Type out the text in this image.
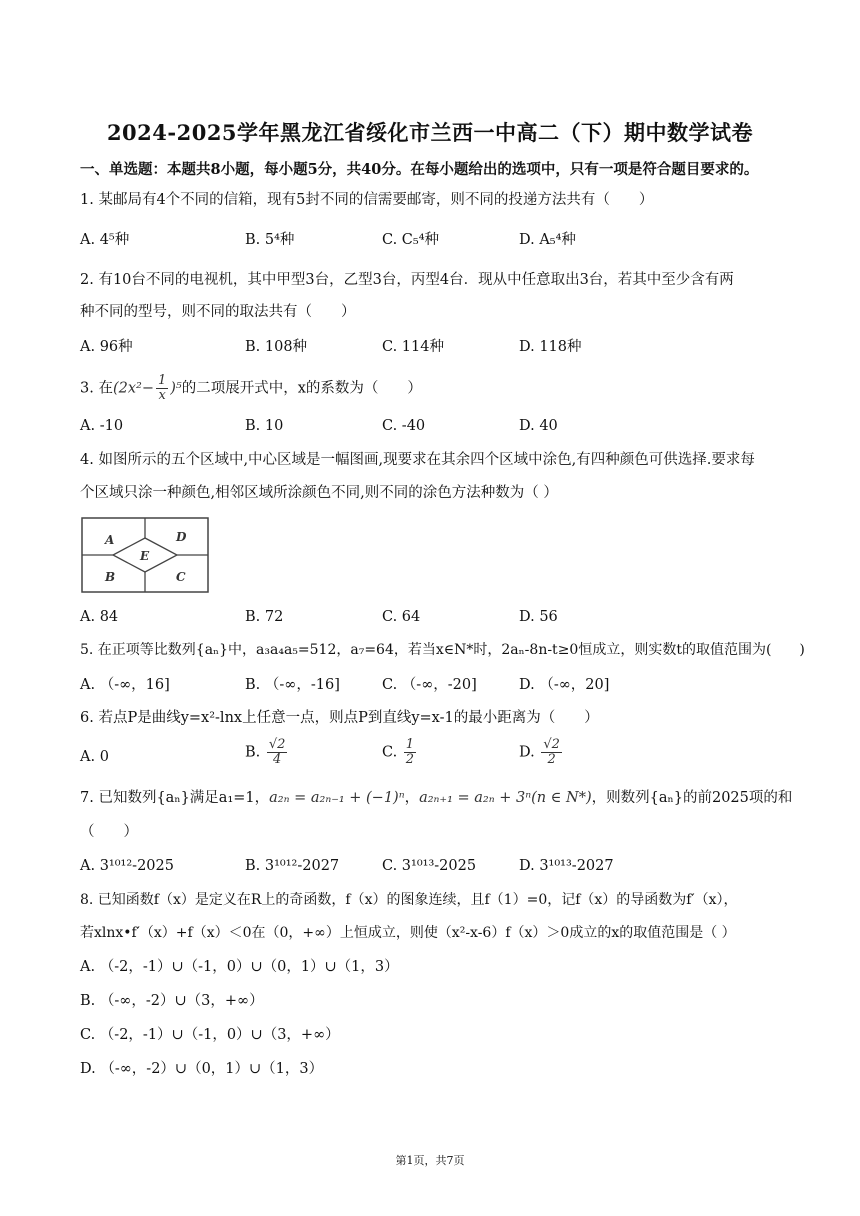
2024-2025学年黑龙江省绥化市兰西一中高二（下）期中数学试卷
一、单选题：本题共8小题，每小题5分，共40分。在每小题给出的选项中，只有一项是符合题目要求的。
1. 某邮局有4个不同的信箱，现有5封不同的信需要邮寄，则不同的投递方法共有（　　）
A. 4⁵种	B. 5⁴种	C. C₅⁴种	D. A₅⁴种
2. 有10台不同的电视机，其中甲型3台，乙型3台，丙型4台．现从中任意取出3台，若其中至少含有两
种不同的型号，则不同的取法共有（　　）
A. 96种	B. 108种	C. 114种	D. 118种
3. 在$(2x^2- \frac{1}{x} )^5$的二项展开式中，x的系数为（　　）
A. -10	B. 10	C. -40	D. 40
4. 如图所示的五个区域中,中心区域是一幅图画,现要求在其余四个区域中涂色,有四种颜色可供选择.要求每
个区域只涂一种颜色,相邻区域所涂颜色不同,则不同的涂色方法种数为（ ）
A	D
E
B	C
A. 84	B. 72	C. 64	D. 56
5. 在正项等比数列{aₙ}中，a₃a₄a₅=512，a₇=64，若当x∈N*时，2aₙ-8n-t≥0恒成立，则实数t的取值范围为(　　)
A. （-∞，16]	B. （-∞，-16]	C. （-∞，-20]	D. （-∞，20]
6. 若点P是曲线y=x²-lnx上任意一点，则点P到直线y=x-1的最小距离为（　　）
A. 0	B. $\frac{√2}{4}$	C. $\frac{1}{2}$	D. $\frac{√2}{2}$
7. 已知数列{aₙ}满足a₁=1，a₂ₙ = a₂ₙ₋₁ + (−1)ⁿ，a₂ₙ₊₁ = a₂ₙ + 3ⁿ(n ∈ N*)，则数列{aₙ}的前2025项的和
（　　）
A. 3¹⁰¹²-2025	B. 3¹⁰¹²-2027	C. 3¹⁰¹³-2025	D. 3¹⁰¹³-2027
8. 已知函数f（x）是定义在R上的奇函数，f（x）的图象连续，且f（1）=0，记f（x）的导函数为f′（x），
若xlnx•f′（x）+f（x）＜0在（0，+∞）上恒成立，则使（x²-x-6）f（x）＞0成立的x的取值范围是（ ）
A. （-2，-1）∪（-1，0）∪（0，1）∪（1，3）
B. （-∞，-2）∪（3，+∞）
C. （-2，-1）∪（-1，0）∪（3，+∞）
D. （-∞，-2）∪（0，1）∪（1，3）
第1页，共7页
